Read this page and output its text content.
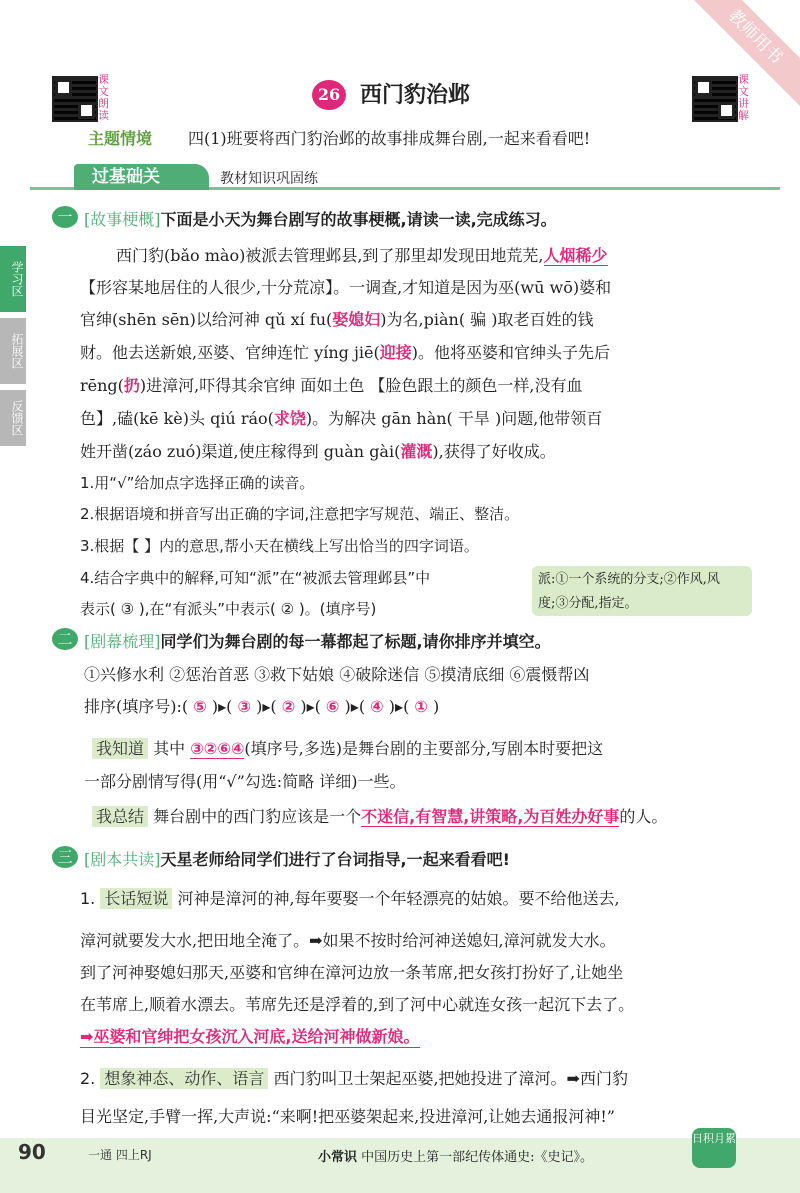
教师用书
课文朗读
课文讲解
26 西门豹治邺
主题情境 四(1)班要将西门豹治邺的故事排成舞台剧,一起来看看吧!
过基础关	教材知识巩固练
学习区
拓展区
反馈区
一 [故事梗概]下面是小天为舞台剧写的故事梗概,请读一读,完成练习。
西门豹(bǎo mào)被派去管理邺县,到了那里却发现田地荒芜,人烟稀少
【形容某地居住的人很少,十分荒凉】。一调查,才知道是因为巫(wū wō)婆和
官绅(shēn sēn)以给河神 qǔ xí fu(娶媳妇)为名,piàn( 骗 )取老百姓的钱
财。他去送新娘,巫婆、官绅连忙 yíng jiē(迎接)。他将巫婆和官绅头子先后
rēng(扔)进漳河,吓得其余官绅 面如土色 【脸色跟土的颜色一样,没有血
色】,磕(kē kè)头 qiú ráo(求饶)。为解决 gān hàn( 干旱 )问题,他带领百
姓开凿(záo zuó)渠道,使庄稼得到 guàn gài(灌溉),获得了好收成。
1.用“√”给加点字选择正确的读音。
2.根据语境和拼音写出正确的字词,注意把字写规范、端正、整洁。
3.根据【 】内的意思,帮小天在横线上写出恰当的四字词语。
4.结合字典中的解释,可知“派”在“被派去管理邺县”中
表示( ③ ),在“有派头”中表示( ② )。(填序号)
派:①一个系统的分支;②作风,风度;③分配,指定。
二 [剧幕梳理]同学们为舞台剧的每一幕都起了标题,请你排序并填空。
①兴修水利 ②惩治首恶 ③救下姑娘 ④破除迷信 ⑤摸清底细 ⑥震慑帮凶
排序(填序号):( ⑤ )▸( ③ )▸( ② )▸( ⑥ )▸( ④ )▸( ① )
我知道 其中 ③②⑥④(填序号,多选)是舞台剧的主要部分,写剧本时要把这
一部分剧情写得(用“√”勾选:简略 详细)一些。
我总结 舞台剧中的西门豹应该是一个不迷信,有智慧,讲策略,为百姓办好事的人。
三 [剧本共读]天星老师给同学们进行了台词指导,一起来看看吧!
1. 长话短说 河神是漳河的神,每年要娶一个年轻漂亮的姑娘。要不给他送去,
漳河就要发大水,把田地全淹了。➡如果不按时给河神送媳妇,漳河就发大水。
到了河神娶媳妇那天,巫婆和官绅在漳河边放一条苇席,把女孩打扮好了,让她坐
在苇席上,顺着水漂去。苇席先还是浮着的,到了河中心就连女孩一起沉下去了。
➡巫婆和官绅把女孩沉入河底,送给河神做新娘。
2. 想象神态、动作、语言 西门豹叫卫士架起巫婆,把她投进了漳河。➡西门豹
目光坚定,手臂一挥,大声说:“来啊!把巫婆架起来,投进漳河,让她去通报河神!”
90	一通 四上RJ	小常识 中国历史上第一部纪传体通史:《史记》。
日积月累
